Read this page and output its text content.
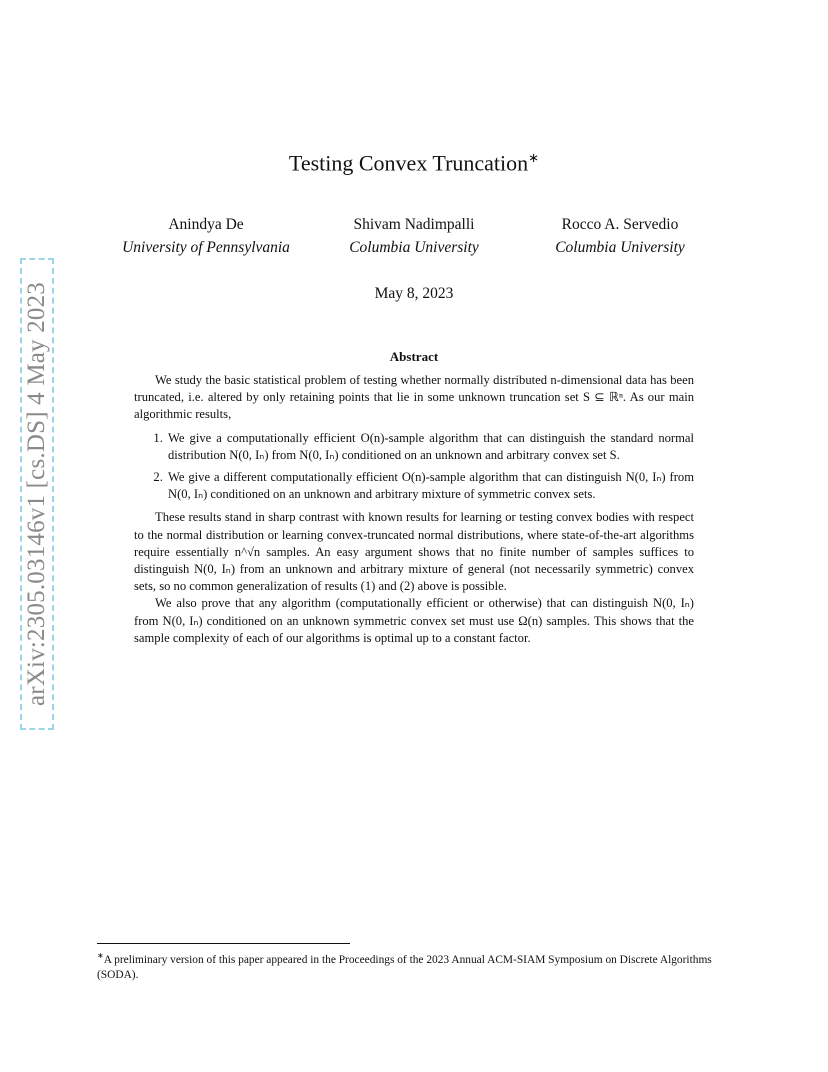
arXiv:2305.03146v1 [cs.DS] 4 May 2023
Testing Convex Truncation∗
Anindya De
University of Pennsylvania
Shivam Nadimpalli
Columbia University
Rocco A. Servedio
Columbia University
May 8, 2023
Abstract

We study the basic statistical problem of testing whether normally distributed n-dimensional data has been truncated, i.e. altered by only retaining points that lie in some unknown truncation set S ⊆ ℝⁿ. As our main algorithmic results,

1. We give a computationally efficient O(n)-sample algorithm that can distinguish the standard normal distribution N(0, Iₙ) from N(0, Iₙ) conditioned on an unknown and arbitrary convex set S.
2. We give a different computationally efficient O(n)-sample algorithm that can distinguish N(0, Iₙ) from N(0, Iₙ) conditioned on an unknown and arbitrary mixture of symmetric convex sets.

These results stand in sharp contrast with known results for learning or testing convex bodies with respect to the normal distribution or learning convex-truncated normal distributions, where state-of-the-art algorithms require essentially n^√n samples. An easy argument shows that no finite number of samples suffices to distinguish N(0, Iₙ) from an unknown and arbitrary mixture of general (not necessarily symmetric) convex sets, so no common generalization of results (1) and (2) above is possible.

We also prove that any algorithm (computationally efficient or otherwise) that can distinguish N(0, Iₙ) from N(0, Iₙ) conditioned on an unknown symmetric convex set must use Ω(n) samples. This shows that the sample complexity of each of our algorithms is optimal up to a constant factor.

∗A preliminary version of this paper appeared in the Proceedings of the 2023 Annual ACM-SIAM Symposium on Discrete Algorithms (SODA).
